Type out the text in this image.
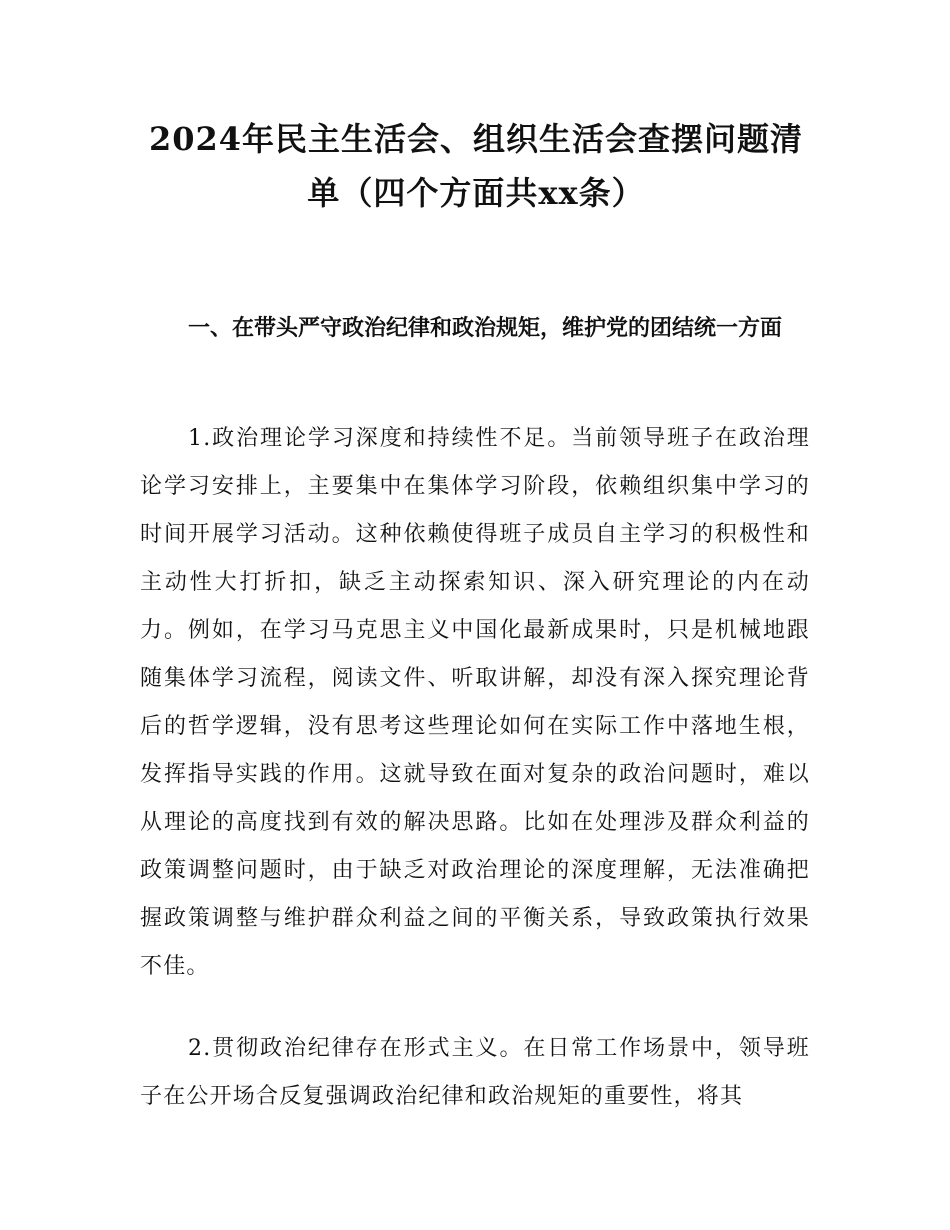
2024年民主生活会、组织生活会查摆问题清单（四个方面共xx条）
一、在带头严守政治纪律和政治规矩，维护党的团结统一方面

1.政治理论学习深度和持续性不足。当前领导班子在政治理论学习安排上，主要集中在集体学习阶段，依赖组织集中学习的时间开展学习活动。这种依赖使得班子成员自主学习的积极性和主动性大打折扣，缺乏主动探索知识、深入研究理论的内在动力。例如，在学习马克思主义中国化最新成果时，只是机械地跟随集体学习流程，阅读文件、听取讲解，却没有深入探究理论背后的哲学逻辑，没有思考这些理论如何在实际工作中落地生根，发挥指导实践的作用。这就导致在面对复杂的政治问题时，难以从理论的高度找到有效的解决思路。比如在处理涉及群众利益的政策调整问题时，由于缺乏对政治理论的深度理解，无法准确把握政策调整与维护群众利益之间的平衡关系，导致政策执行效果不佳。

2.贯彻政治纪律存在形式主义。在日常工作场景中，领导班子在公开场合反复强调政治纪律和政治规矩的重要性，将其
